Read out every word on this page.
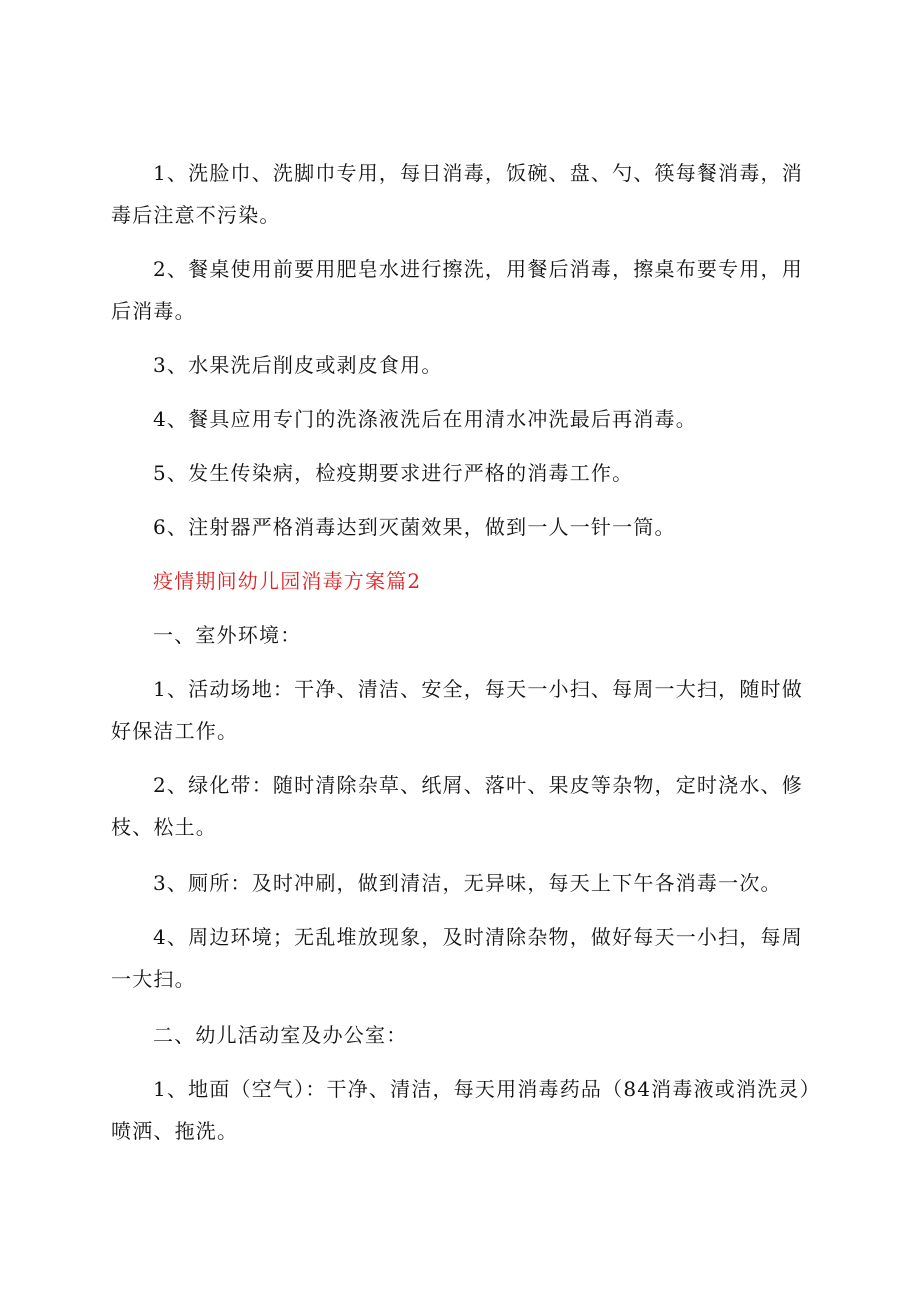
1、洗脸巾、洗脚巾专用，每日消毒，饭碗、盘、勺、筷每餐消毒，消毒后注意不污染。

2、餐桌使用前要用肥皂水进行擦洗，用餐后消毒，擦桌布要专用，用后消毒。

3、水果洗后削皮或剥皮食用。

4、餐具应用专门的洗涤液洗后在用清水冲洗最后再消毒。

5、发生传染病，检疫期要求进行严格的消毒工作。

6、注射器严格消毒达到灭菌效果，做到一人一针一筒。

疫情期间幼儿园消毒方案篇2

一、室外环境：

1、活动场地：干净、清洁、安全，每天一小扫、每周一大扫，随时做好保洁工作。

2、绿化带：随时清除杂草、纸屑、落叶、果皮等杂物，定时浇水、修枝、松土。

3、厕所：及时冲刷，做到清洁，无异味，每天上下午各消毒一次。

4、周边环境；无乱堆放现象，及时清除杂物，做好每天一小扫，每周一大扫。

二、幼儿活动室及办公室：

1、地面（空气）：干净、清洁，每天用消毒药品（84消毒液或消洗灵）喷洒、拖洗。
